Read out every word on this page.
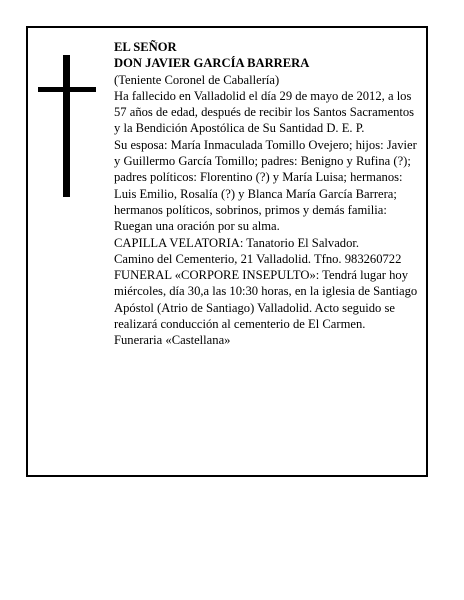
EL SEÑOR

DON JAVIER GARCÍA BARRERA

(Teniente Coronel de Caballería)

Ha fallecido en Valladolid el día 29 de mayo de 2012, a los 57 años de edad, después de recibir los Santos Sacramentos y la Bendición Apostólica de Su Santidad D. E. P.

Su esposa: María Inmaculada Tomillo Ovejero; hijos: Javier y Guillermo García Tomillo; padres: Benigno y Rufina (?); padres políticos: Florentino (?) y María Luisa; hermanos: Luis Emilio, Rosalía (?) y Blanca María García Barrera; hermanos políticos, sobrinos, primos y demás familia:

Ruegan una oración por su alma.

CAPILLA VELATORIA: Tanatorio El Salvador.

Camino del Cementerio, 21 Valladolid. Tfno. 983260722

FUNERAL «CORPORE INSEPULTO»: Tendrá lugar hoy miércoles, día 30,a las 10:30 horas, en la iglesia de Santiago Apóstol (Atrio de Santiago) Valladolid. Acto seguido se realizará conducción al cementerio de El Carmen.

Funeraria «Castellana»
